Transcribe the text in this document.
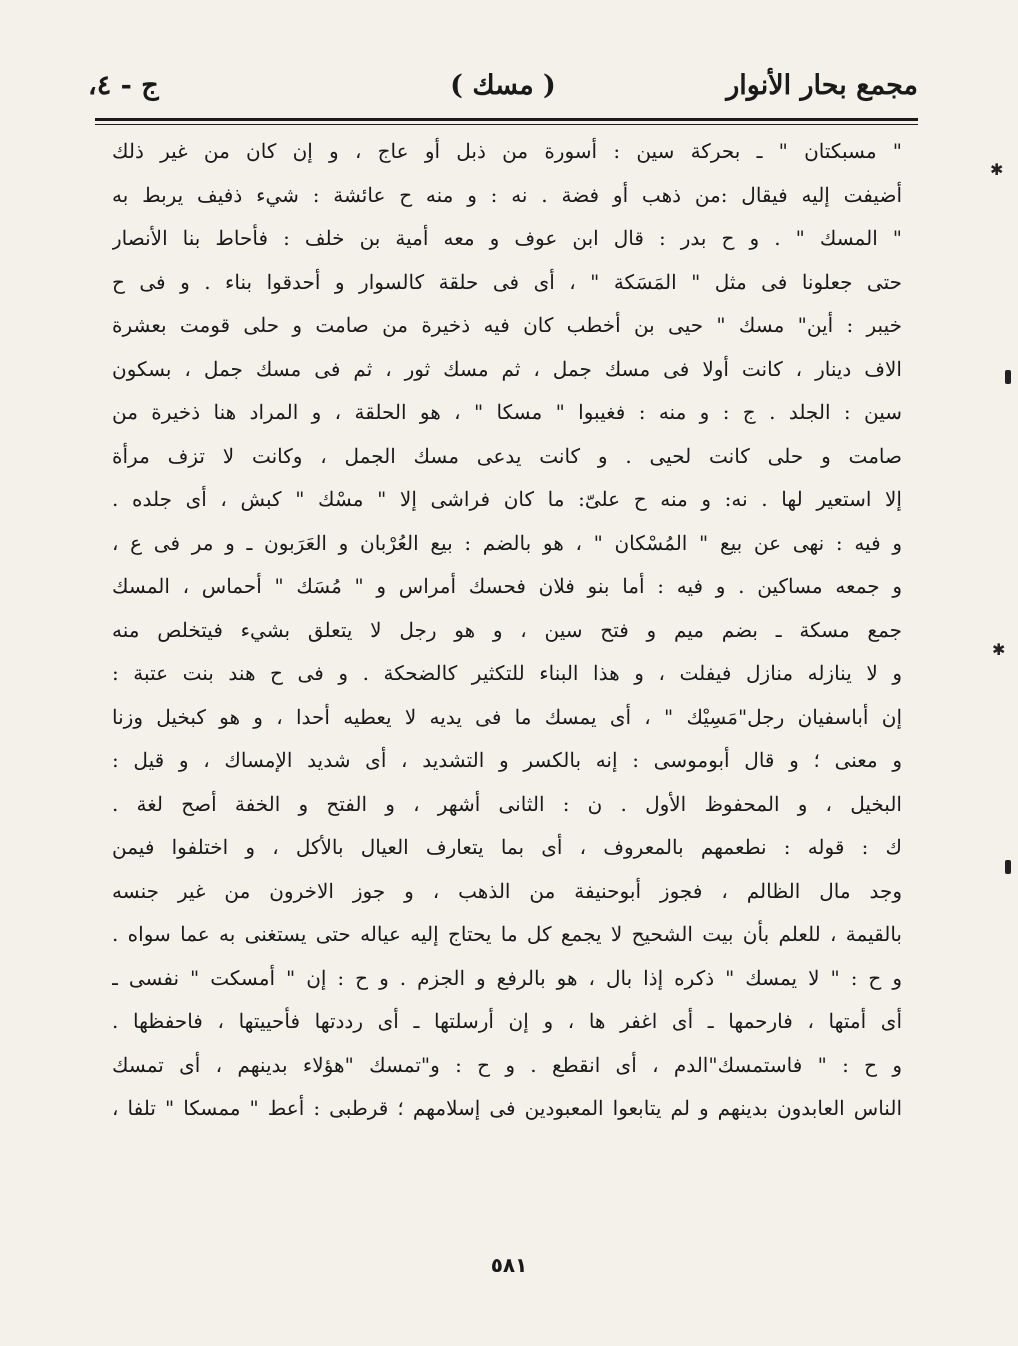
مجمع بحار الأنوار
( مسك )
ج - ٤،
" مسبكتان " ـ بحركة سين : أسورة من ذبل أو عاج ، و إن كان من غير ذلك
أضيفت إليه فيقال :من ذهب أو فضة . نه : و منه ح عائشة : شيء ذفيف يربط به
" المسك " . و ح بدر : قال ابن عوف و معه أمية بن خلف : فأحاط بنا الأنصار
حتى جعلونا فى مثل " المَسَكة " ، أى فى حلقة كالسوار و أحدقوا بناء . و فى ح
خيبر : أين" مسك " حيى بن أخطب كان فيه ذخيرة من صامت و حلى قومت بعشرة
الاف دينار ، كانت أولا فى مسك جمل ، ثم مسك ثور ، ثم فى مسك جمل ، بسكون
سين : الجلد . ج : و منه : فغيبوا " مسكا " ، هو الحلقة ، و المراد هنا ذخيرة من
صامت و حلى كانت لحيى . و كانت يدعى مسك الجمل ، وكانت لا تزف مرأة
إلا استعير لها . نه: و منه ح علىّ: ما كان فراشى إلا " مسْك " كبش ، أى جلده .
و فيه : نهى عن بيع " المُسْكان " ، هو بالضم : بيع العُرْبان و العَرَبون ـ و مر فى ع ،
و جمعه مساكين . و فيه : أما بنو فلان فحسك أمراس و " مُسَك " أحماس ، المسك
جمع مسكة ـ بضم ميم و فتح سين ، و هو رجل لا يتعلق بشيء فيتخلص منه
و لا ينازله منازل فيفلت ، و هذا البناء للتكثير كالضحكة . و فى ح هند بنت عتبة :
إن أباسفيان رجل"مَسِيْك " ، أى يمسك ما فى يديه لا يعطيه أحدا ، و هو كبخيل وزنا
و معنى ؛ و قال أبوموسى : إنه بالكسر و التشديد ، أى شديد الإمساك ، و قيل :
البخيل ، و المحفوظ الأول . ن : الثانى أشهر ، و الفتح و الخفة أصح لغة .
ك : قوله : نطعمهم بالمعروف ، أى بما يتعارف العيال بالأكل ، و اختلفوا فيمن
وجد مال الظالم ، فجوز أبوحنيفة من الذهب ، و جوز الاخرون من غير جنسه
بالقيمة ، للعلم بأن بيت الشحيح لا يجمع كل ما يحتاج إليه عياله حتى يستغنى به عما سواه .
و ح : " لا يمسك " ذكره إذا بال ، هو بالرفع و الجزم . و ح : إن " أمسكت " نفسى ـ
أى أمتها ، فارحمها ـ أى اغفر ها ، و إن أرسلتها ـ أى رددتها فأحييتها ، فاحفظها .
و ح : " فاستمسك"الدم ، أى انقطع . و ح : و"تمسك "هؤلاء بدينهم ، أى تمسك
الناس العابدون بدينهم و لم يتابعوا المعبودين فى إسلامهم ؛ قرطبى : أعط " ممسكا " تلفا ،
٥٨١
✱
✱
